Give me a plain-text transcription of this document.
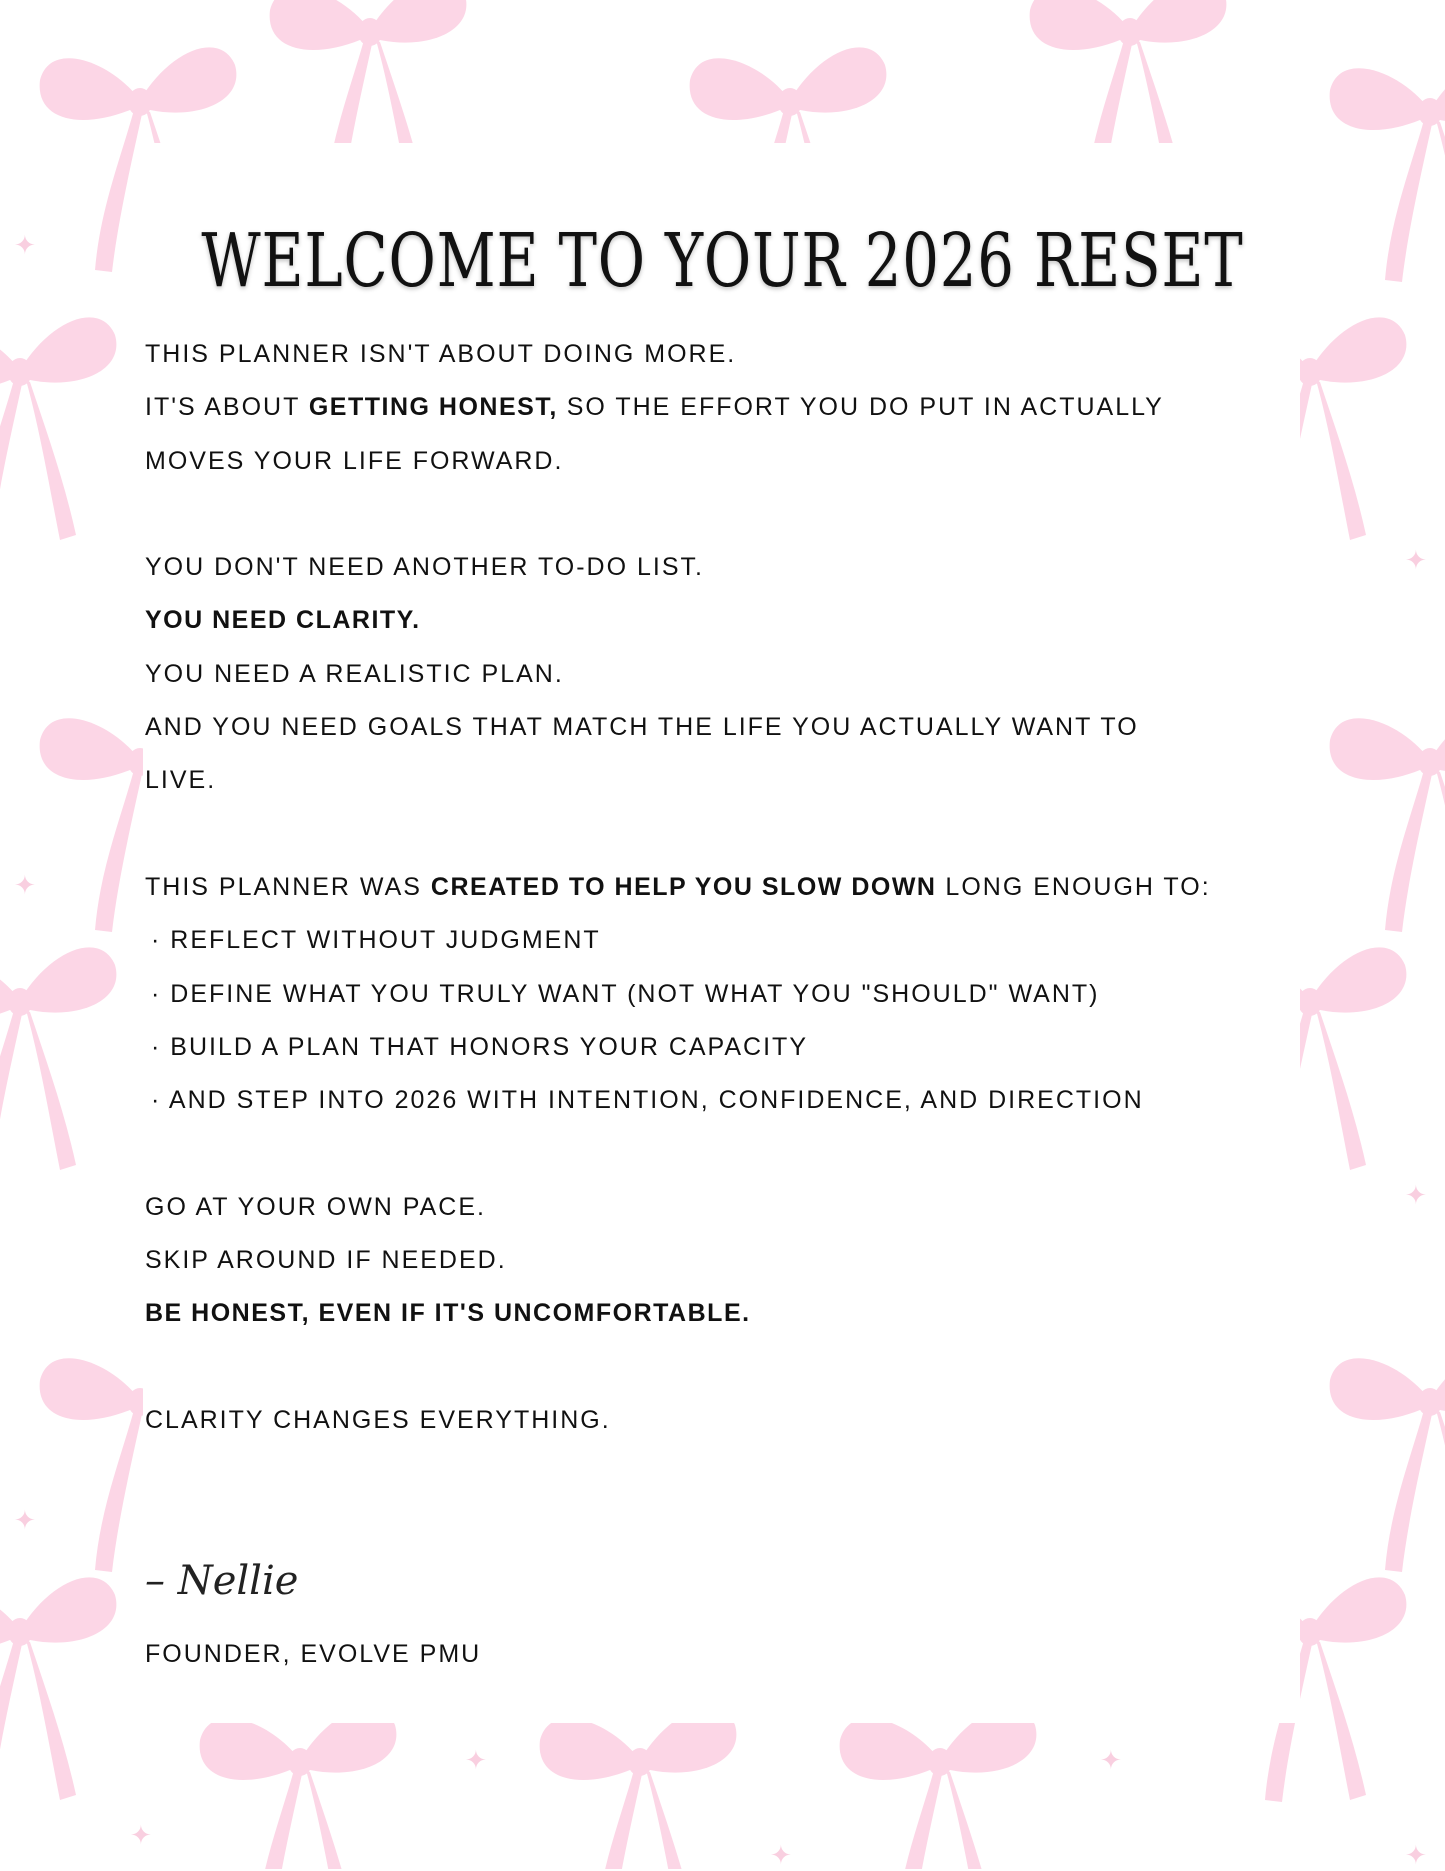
✦
✦
✦
✦
✦
✦	✦
✦
✦	✦
WELCOME TO YOUR 2026 RESET
THIS PLANNER ISN'T ABOUT DOING MORE.
IT'S ABOUT GETTING HONEST, SO THE EFFORT YOU DO PUT IN ACTUALLY
MOVES YOUR LIFE FORWARD.
YOU DON'T NEED ANOTHER TO-DO LIST.
YOU NEED CLARITY.
YOU NEED A REALISTIC PLAN.
AND YOU NEED GOALS THAT MATCH THE LIFE YOU ACTUALLY WANT TO
LIVE.
THIS PLANNER WAS CREATED TO HELP YOU SLOW DOWN LONG ENOUGH TO:
· REFLECT WITHOUT JUDGMENT
· DEFINE WHAT YOU TRULY WANT (NOT WHAT YOU "SHOULD" WANT)
· BUILD A PLAN THAT HONORS YOUR CAPACITY
· AND STEP INTO 2026 WITH INTENTION, CONFIDENCE, AND DIRECTION
GO AT YOUR OWN PACE.
SKIP AROUND IF NEEDED.
BE HONEST, EVEN IF IT'S UNCOMFORTABLE.
CLARITY CHANGES EVERYTHING.
– Nellie
FOUNDER, EVOLVE PMU
